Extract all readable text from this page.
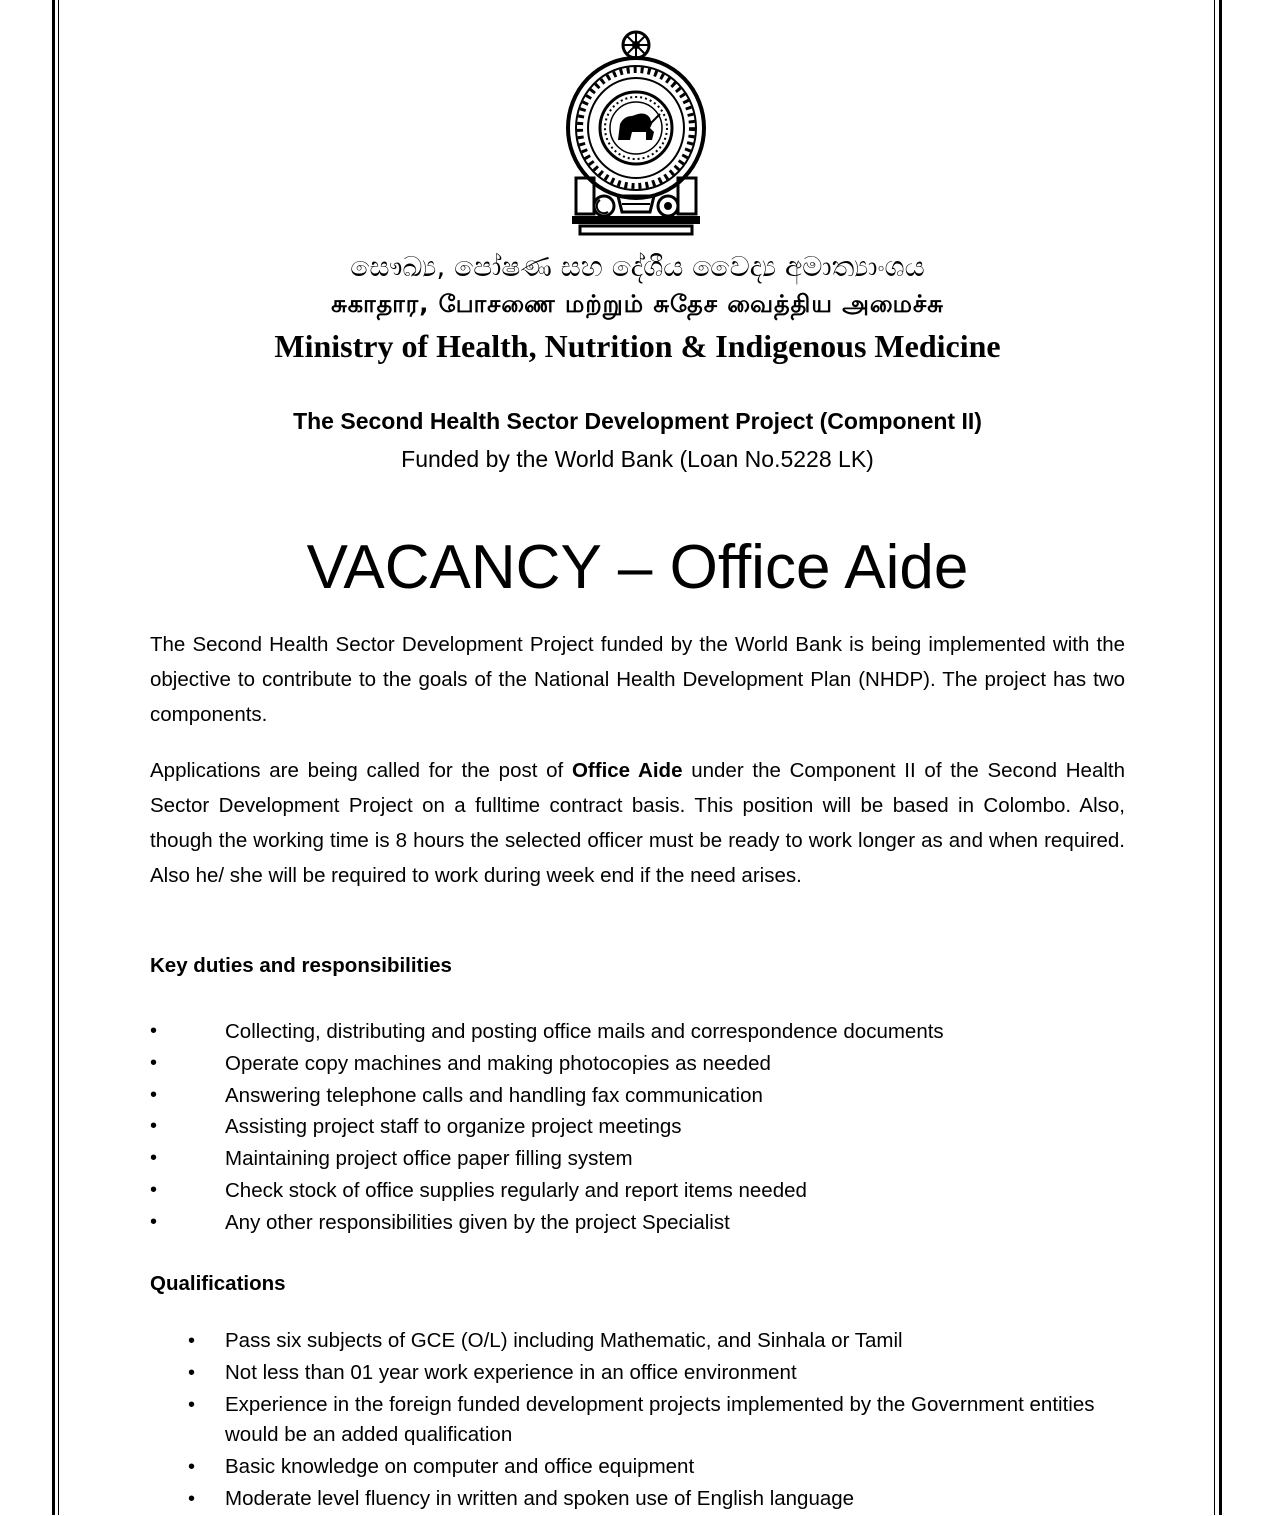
සෞඛ්‍ය, පෝෂණ සහ දේශීය වෛද්‍ය අමාත්‍යාංශය
சுகாதார, போசணை மற்றும் சுதேச வைத்திய அமைச்சு
Ministry of Health, Nutrition & Indigenous Medicine
The Second Health Sector Development Project (Component II)
Funded by the World Bank (Loan No.5228 LK)
VACANCY – Office Aide
The Second Health Sector Development Project funded by the World Bank is being implemented with the objective to contribute to the goals of the National Health Development Plan (NHDP). The project has two components.
Applications are being called for the post of Office Aide under the Component II of the Second Health Sector Development Project on a fulltime contract basis. This position will be based in Colombo. Also, though the working time is 8 hours the selected officer must be ready to work longer as and when required. Also he/ she will be required to work during week end if the need arises.
Key duties and responsibilities
•	Collecting, distributing and posting office mails and correspondence documents
•	Operate copy machines and making photocopies as needed
•	Answering telephone calls and handling fax communication
•	Assisting project staff to organize project meetings
•	Maintaining project office paper filling system
•	Check stock of office supplies regularly and report items needed
•	Any other responsibilities given by the project Specialist
Qualifications
• Pass six subjects of GCE (O/L) including Mathematic, and Sinhala or Tamil
• Not less than 01 year work experience in an office environment
• Experience in the foreign funded development projects implemented by the Government entities would be an added qualification
• Basic knowledge on computer and office equipment
• Moderate level fluency in written and spoken use of English language
